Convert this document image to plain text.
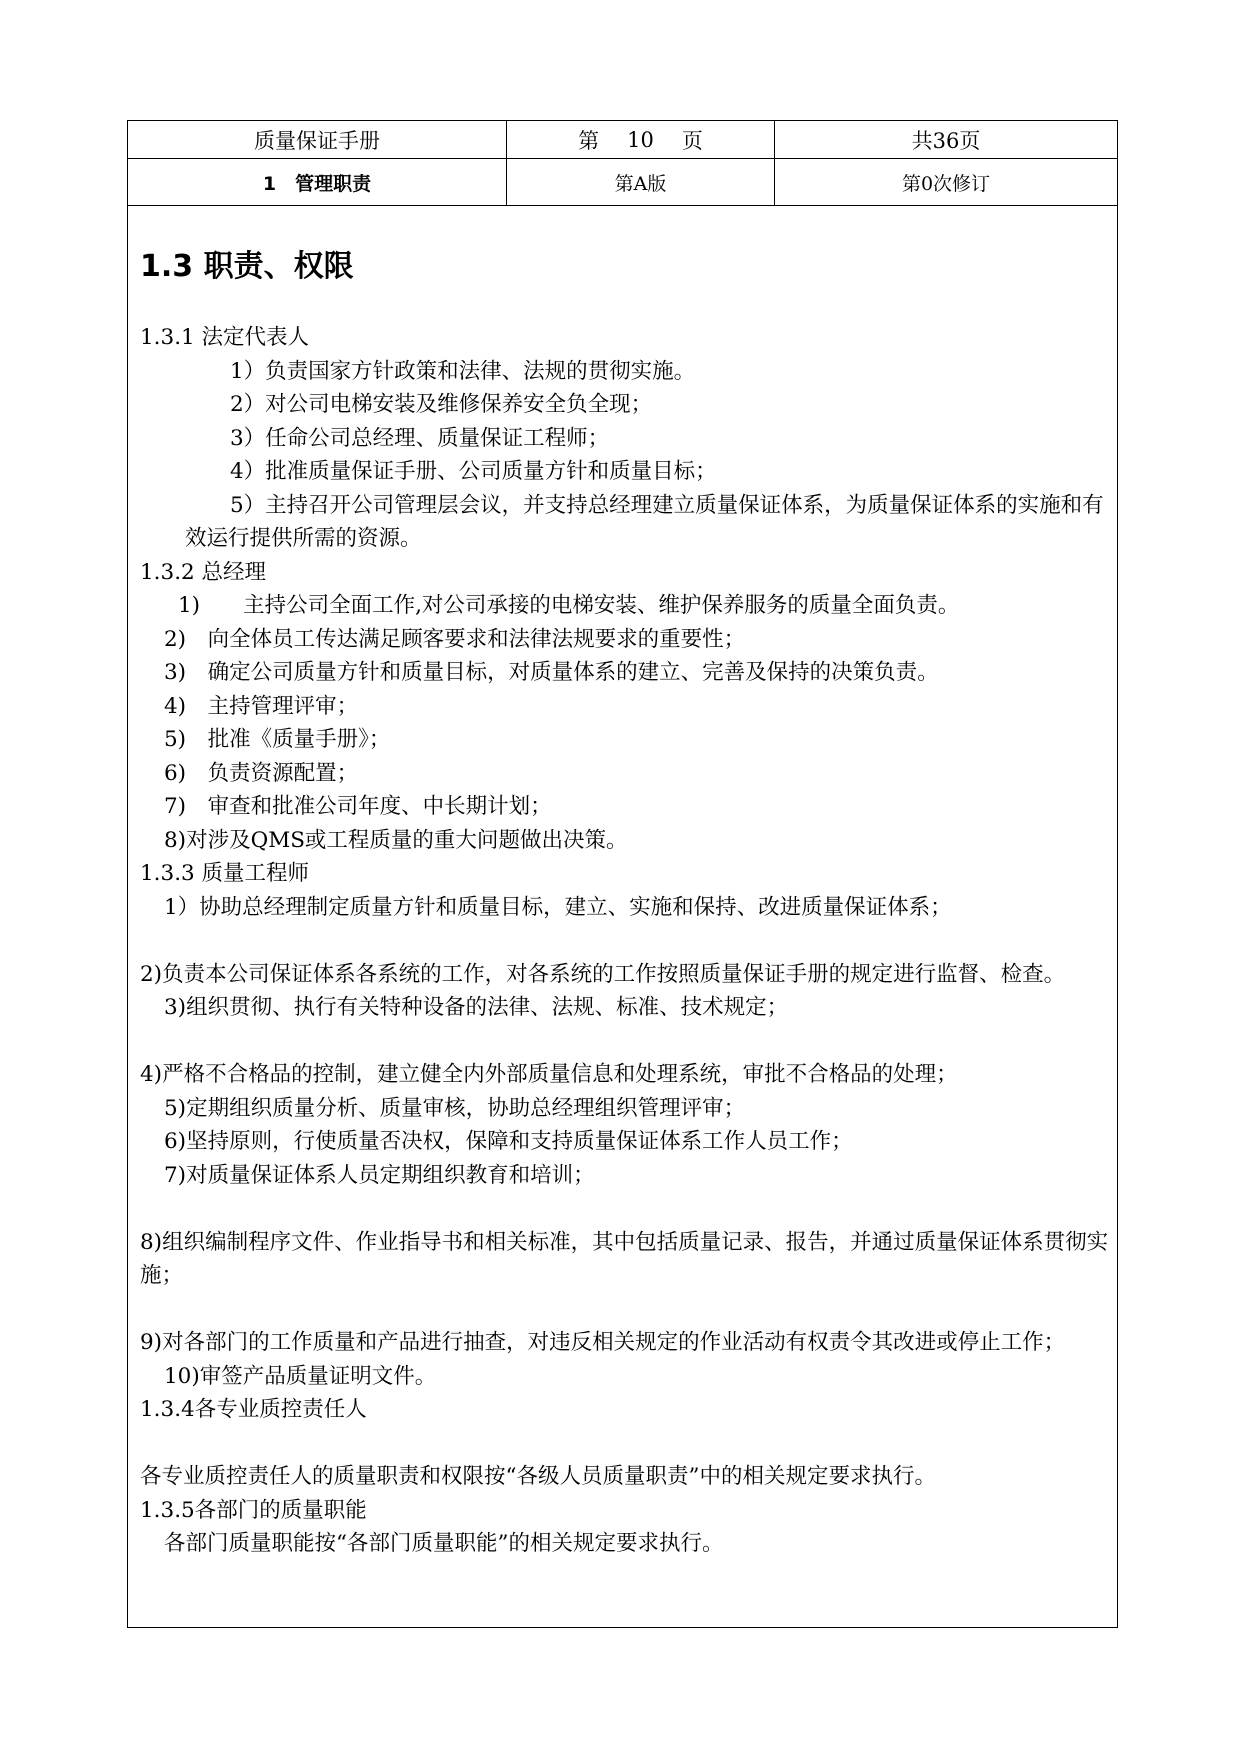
质量保证手册	第 10 页	共36页
1　管理职责	第A版	第0次修订
1.3 职责、权限

1.3.1 法定代表人

1）负责国家方针政策和法律、法规的贯彻实施。

2）对公司电梯安装及维修保养安全负全现；

3）任命公司总经理、质量保证工程师；

4）批准质量保证手册、公司质量方针和质量目标；

5）主持召开公司管理层会议，并支持总经理建立质量保证体系，为质量保证体系的实施和有效运行提供所需的资源。

1.3.2 总经理

1)　　主持公司全面工作,对公司承接的电梯安装、维护保养服务的质量全面负责。

2)　向全体员工传达满足顾客要求和法律法规要求的重要性；

3)　确定公司质量方针和质量目标，对质量体系的建立、完善及保持的决策负责。

4)　主持管理评审；

5)　批准《质量手册》；

6)　负责资源配置；

7)　审查和批准公司年度、中长期计划；

8)对涉及QMS或工程质量的重大问题做出决策。

1.3.3 质量工程师

1）协助总经理制定质量方针和质量目标，建立、实施和保持、改进质量保证体系；

2)负责本公司保证体系各系统的工作，对各系统的工作按照质量保证手册的规定进行监督、检查。

3)组织贯彻、执行有关特种设备的法律、法规、标准、技术规定；

4)严格不合格品的控制，建立健全内外部质量信息和处理系统，审批不合格品的处理；

5)定期组织质量分析、质量审核，协助总经理组织管理评审；

6)坚持原则，行使质量否决权，保障和支持质量保证体系工作人员工作；

7)对质量保证体系人员定期组织教育和培训；

8)组织编制程序文件、作业指导书和相关标准，其中包括质量记录、报告，并通过质量保证体系贯彻实施；

9)对各部门的工作质量和产品进行抽查，对违反相关规定的作业活动有权责令其改进或停止工作；

10)审签产品质量证明文件。

1.3.4各专业质控责任人

各专业质控责任人的质量职责和权限按“各级人员质量职责”中的相关规定要求执行。

1.3.5各部门的质量职能

各部门质量职能按“各部门质量职能”的相关规定要求执行。
